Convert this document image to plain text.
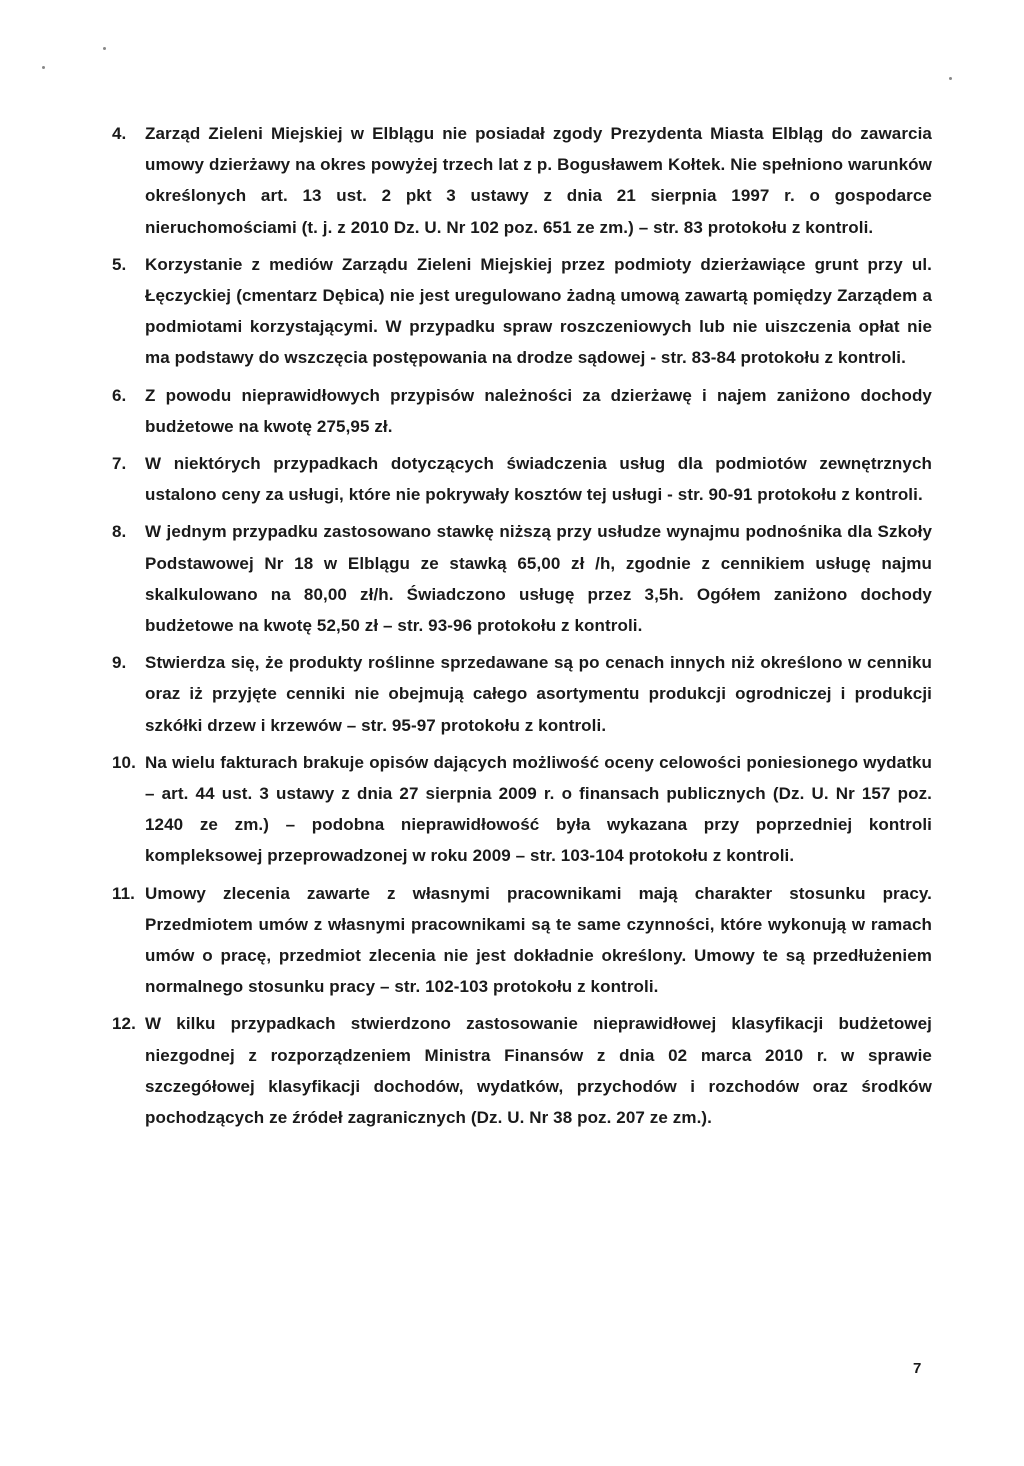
4.	Zarząd Zieleni Miejskiej w Elblągu nie posiadał zgody Prezydenta Miasta Elbląg do zawarcia umowy dzierżawy na okres powyżej trzech lat z p. Bogusławem Kołtek. Nie spełniono warunków określonych art. 13 ust. 2 pkt 3 ustawy z dnia 21 sierpnia 1997 r. o gospodarce nieruchomościami (t. j. z 2010 Dz. U. Nr 102 poz. 651 ze zm.) – str. 83 protokołu z kontroli.
5.	Korzystanie z mediów Zarządu Zieleni Miejskiej przez podmioty dzierżawiące grunt przy ul. Łęczyckiej (cmentarz Dębica) nie jest uregulowano żadną umową zawartą pomiędzy Zarządem a podmiotami korzystającymi. W przypadku spraw roszczeniowych lub nie uiszczenia opłat nie ma podstawy do wszczęcia postępowania na drodze sądowej - str. 83-84 protokołu z kontroli.
6.	Z powodu nieprawidłowych przypisów należności za dzierżawę i najem zaniżono dochody budżetowe na kwotę 275,95 zł.
7.	W niektórych przypadkach dotyczących świadczenia usług dla podmiotów zewnętrznych ustalono ceny za usługi, które nie pokrywały kosztów tej usługi - str. 90-91 protokołu z kontroli.
8.	W jednym przypadku zastosowano stawkę niższą przy usłudze wynajmu podnośnika dla Szkoły Podstawowej Nr 18 w Elblągu ze stawką 65,00 zł /h, zgodnie z cennikiem usługę najmu skalkulowano na 80,00 zł/h. Świadczono usługę przez 3,5h. Ogółem zaniżono dochody budżetowe na kwotę 52,50 zł – str. 93-96 protokołu z kontroli.
9.	Stwierdza się, że produkty roślinne sprzedawane są po cenach innych niż określono w cenniku oraz iż przyjęte cenniki nie obejmują całego asortymentu produkcji ogrodniczej i produkcji szkółki drzew i krzewów – str. 95-97 protokołu z kontroli.
10. Na wielu fakturach brakuje opisów dających możliwość oceny celowości poniesionego wydatku – art. 44 ust. 3 ustawy z dnia 27 sierpnia 2009 r. o finansach publicznych (Dz. U. Nr 157 poz. 1240 ze zm.) – podobna nieprawidłowość była wykazana przy poprzedniej kontroli kompleksowej przeprowadzonej w roku 2009 – str. 103-104 protokołu z kontroli.
11. Umowy zlecenia zawarte z własnymi pracownikami mają charakter stosunku pracy. Przedmiotem umów z własnymi pracownikami są te same czynności, które wykonują w ramach umów o pracę, przedmiot zlecenia nie jest dokładnie określony. Umowy te są przedłużeniem normalnego stosunku pracy – str. 102-103 protokołu z kontroli.
12. W kilku przypadkach stwierdzono zastosowanie nieprawidłowej klasyfikacji budżetowej niezgodnej z rozporządzeniem Ministra Finansów z dnia 02 marca 2010 r. w sprawie szczegółowej klasyfikacji dochodów, wydatków, przychodów i rozchodów oraz środków pochodzących ze źródeł zagranicznych (Dz. U. Nr 38 poz. 207 ze zm.).
7
